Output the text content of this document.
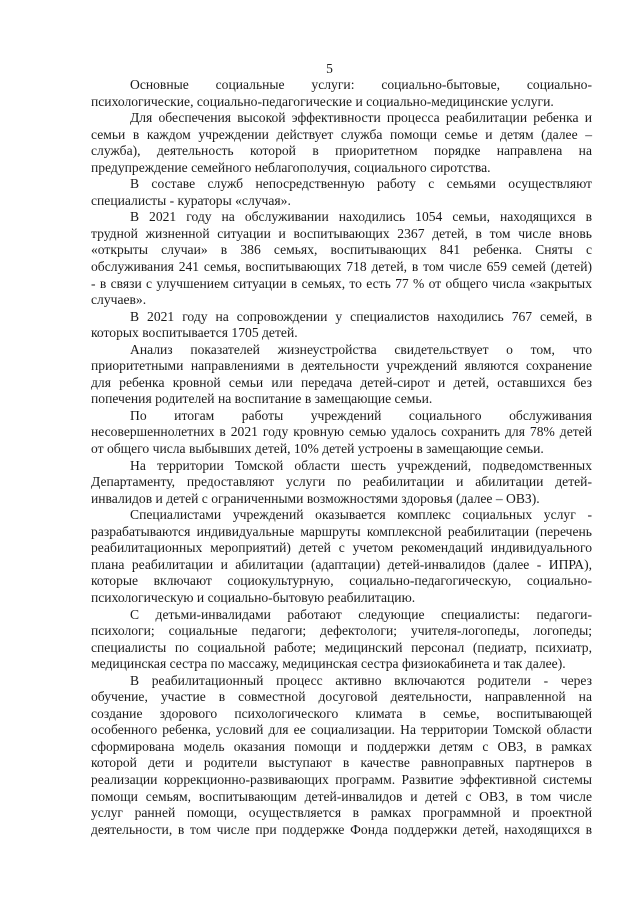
5

Основные социальные услуги: социально-бытовые, социально-
психологические, социально-педагогические и социально-медицинские услуги.

Для обеспечения высокой эффективности процесса реабилитации ребенка и
семьи в каждом учреждении действует служба помощи семье и детям (далее –
служба), деятельность которой в приоритетном порядке направлена на
предупреждение семейного неблагополучия, социального сиротства.

В составе служб непосредственную работу с семьями осуществляют
специалисты - кураторы «случая».

В 2021 году на обслуживании находились 1054 семьи, находящихся в
трудной жизненной ситуации и воспитывающих 2367 детей, в том числе вновь
«открыты случаи» в 386 семьях, воспитывающих 841 ребенка. Сняты с
обслуживания 241 семья, воспитывающих 718 детей, в том числе 659 семей (детей)
- в связи с улучшением ситуации в семьях, то есть 77 % от общего числа «закрытых
случаев».

В 2021 году на сопровождении у специалистов находились 767 семей, в
которых воспитывается 1705 детей.

Анализ показателей жизнеустройства свидетельствует о том, что
приоритетными направлениями в деятельности учреждений являются сохранение
для ребенка кровной семьи или передача детей-сирот и детей, оставшихся без
попечения родителей на воспитание в замещающие семьи.

По итогам работы учреждений социального обслуживания
несовершеннолетних в 2021 году кровную семью удалось сохранить для 78% детей
от общего числа выбывших детей, 10% детей устроены в замещающие семьи.

На территории Томской области шесть учреждений, подведомственных
Департаменту, предоставляют услуги по реабилитации и абилитации детей-
инвалидов и детей с ограниченными возможностями здоровья (далее – ОВЗ).

Специалистами учреждений оказывается комплекс социальных услуг -
разрабатываются индивидуальные маршруты комплексной реабилитации (перечень
реабилитационных мероприятий) детей с учетом рекомендаций индивидуального
плана реабилитации и абилитации (адаптации) детей-инвалидов (далее - ИПРА),
которые включают социокультурную, социально-педагогическую, социально-
психологическую и социально-бытовую реабилитацию.

С детьми-инвалидами работают следующие специалисты: педагоги-
психологи; социальные педагоги; дефектологи; учителя-логопеды, логопеды;
специалисты по социальной работе; медицинский персонал (педиатр, психиатр,
медицинская сестра по массажу, медицинская сестра физиокабинета и так далее).

В реабилитационный процесс активно включаются родители - через
обучение, участие в совместной досуговой деятельности, направленной на
создание здорового психологического климата в семье, воспитывающей
особенного ребенка, условий для ее социализации. На территории Томской области
сформирована модель оказания помощи и поддержки детям с ОВЗ, в рамках
которой дети и родители выступают в качестве равноправных партнеров в
реализации коррекционно-развивающих программ. Развитие эффективной системы
помощи семьям, воспитывающим детей-инвалидов и детей с ОВЗ, в том числе
услуг ранней помощи, осуществляется в рамках программной и проектной
деятельности, в том числе при поддержке Фонда поддержки детей, находящихся в
